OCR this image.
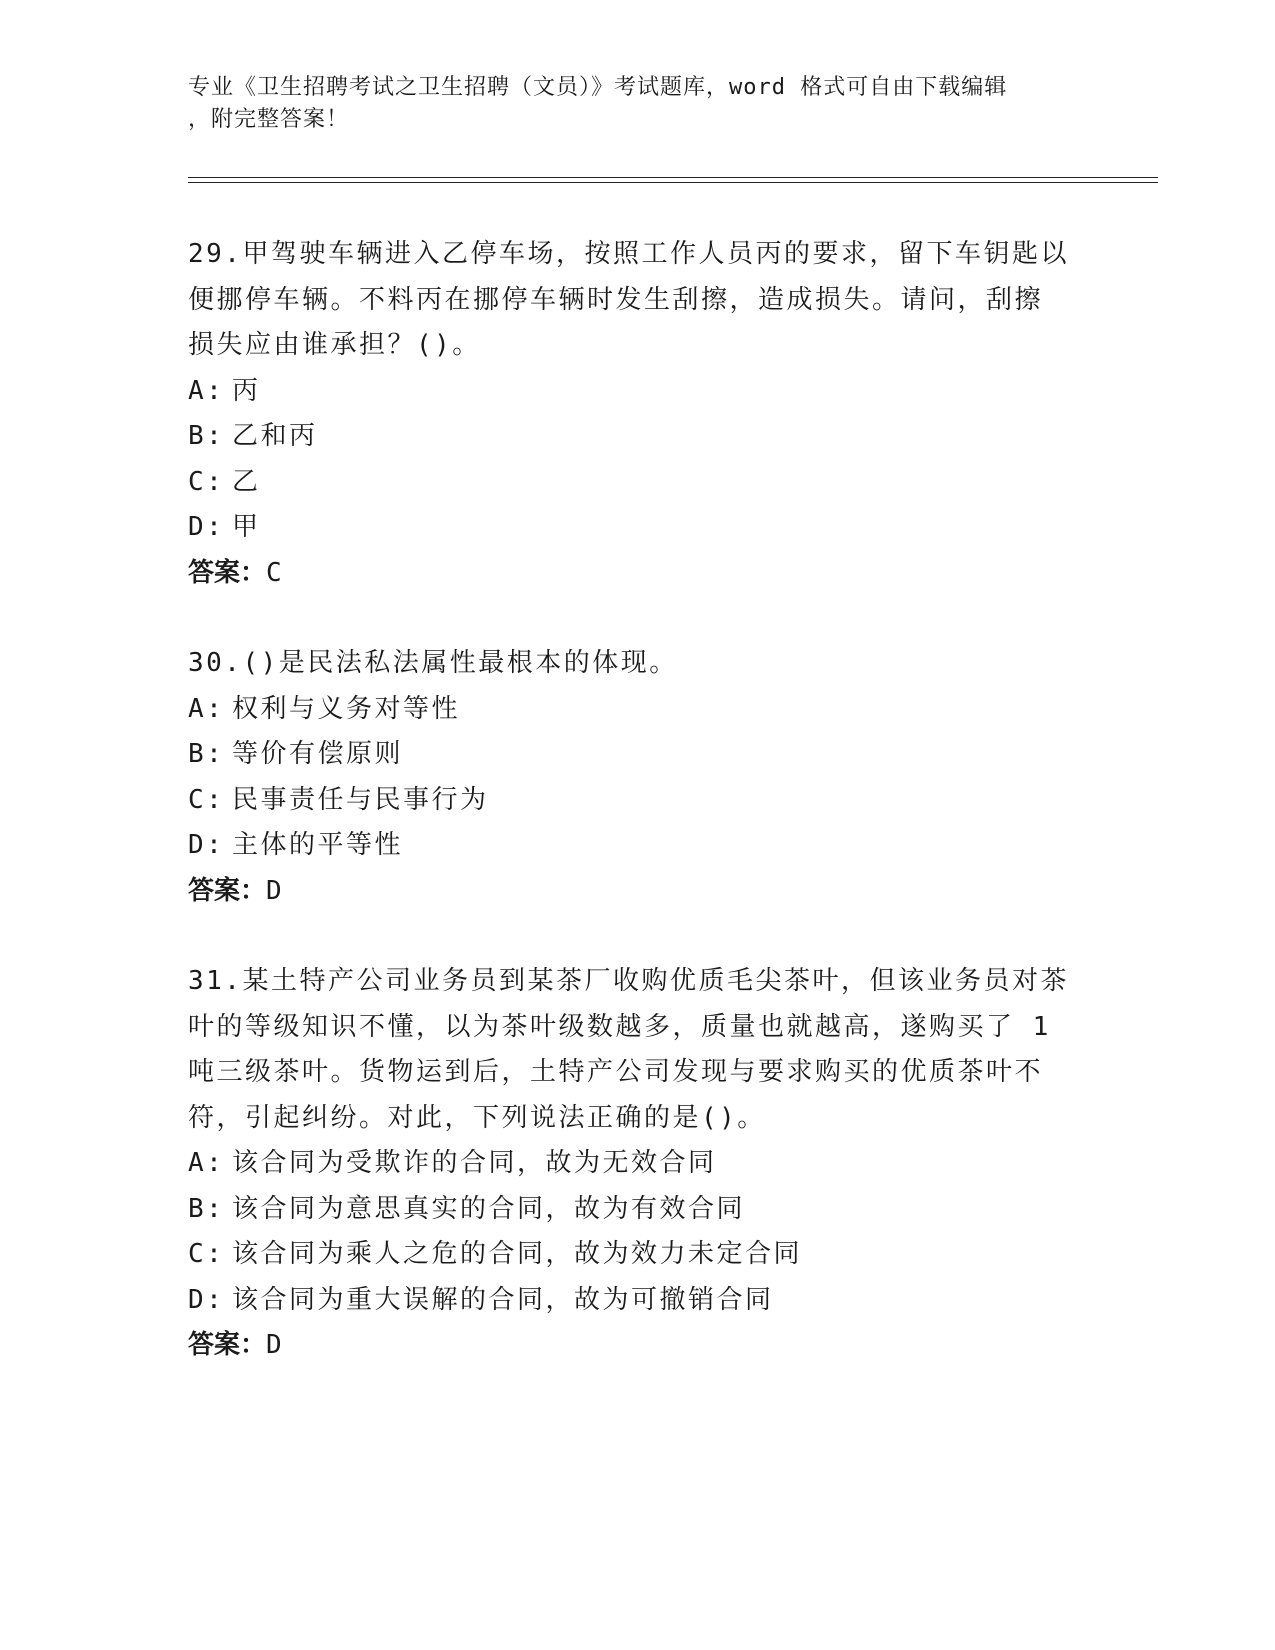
专业《卫生招聘考试之卫生招聘（文员）》考试题库，word 格式可自由下载编辑
，附完整答案！
29.甲驾驶车辆进入乙停车场，按照工作人员丙的要求，留下车钥匙以
便挪停车辆。不料丙在挪停车辆时发生刮擦，造成损失。请问，刮擦
损失应由谁承担？()。
A: 丙
B: 乙和丙
C: 乙
D: 甲
答案：C
30.()是民法私法属性最根本的体现。
A: 权利与义务对等性
B: 等价有偿原则
C: 民事责任与民事行为
D: 主体的平等性
答案：D
31.某土特产公司业务员到某茶厂收购优质毛尖茶叶，但该业务员对茶
叶的等级知识不懂，以为茶叶级数越多，质量也就越高，遂购买了 1
吨三级茶叶。货物运到后，土特产公司发现与要求购买的优质茶叶不
符，引起纠纷。对此，下列说法正确的是()。
A: 该合同为受欺诈的合同，故为无效合同
B: 该合同为意思真实的合同，故为有效合同
C: 该合同为乘人之危的合同，故为效力未定合同
D: 该合同为重大误解的合同，故为可撤销合同
答案：D
